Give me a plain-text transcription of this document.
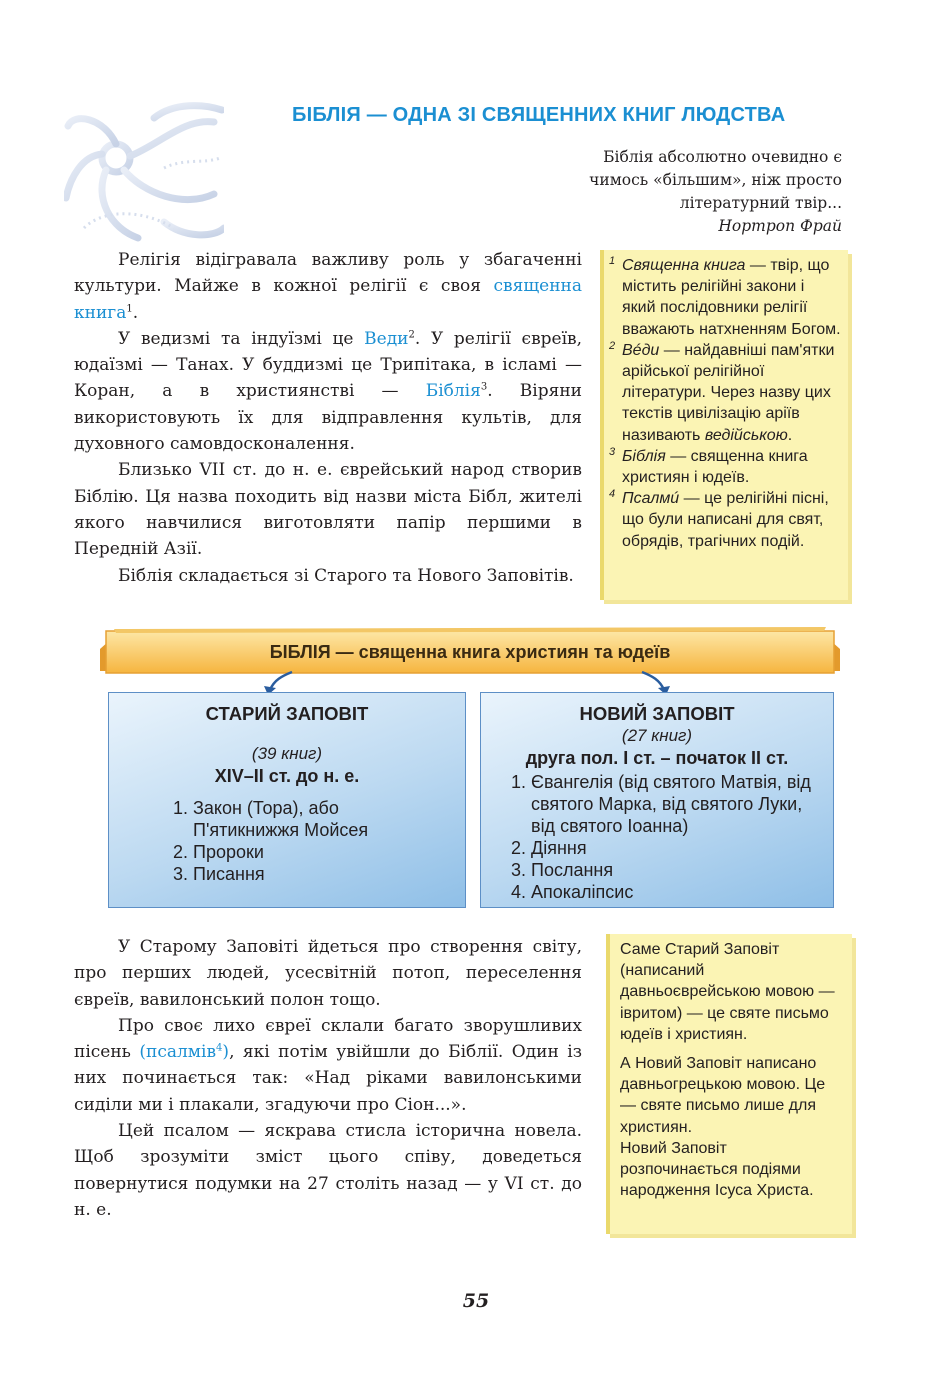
БІБЛІЯ — ОДНА ЗІ СВЯЩЕННИХ КНИГ ЛЮДСТВА
Біблія абсолютно очевидно є
чимось «більшим», ніж просто
літературний твір...
Нортроп Фрай

Релігія відігравала важливу роль у збагаченні культури. Майже в кожної релігії є своя священна книга$^1$.

У ведизмі та індуїзмі це Веди$^2$. У релігії євреїв, юдаїзмі — Танах. У буддизмі це Трипітака, в ісламі — Коран, а в християнстві — Біблія$^3$. Віряни використовують їх для відправлення культів, для духовного самовдосконалення.

Близько VII ст. до н. е. єврейський народ створив Біблію. Ця назва походить від назви міста Бібл, жителі якого навчилися виготовляти папір першими в Передній Азії.

Біблія складається зі Старого та Нового Заповітів.

1 Священна книга — твір, що містить релігійні закони і який послідовники релігії вважають натхненням Богом.
2 Вéди — найдавніші пам'ятки арійської релігійної літератури. Через назву цих текстів цивілізацію аріїв називають ведійською.
3 Біблія — священна книга християн і юдеїв.
4 Псалмú — це релігійні пісні, що були написані для свят, обрядів, трагічних подій.
БІБЛІЯ — священна книга християн та юдеїв
СТАРИЙ ЗАПОВІТ
(39 книг)
XIV–II ст. до н. е.
1. Закон (Тора), або П'ятикнижжя Мойсея
2. Пророки
3. Писання
НОВИЙ ЗАПОВІТ
(27 книг)
друга пол. I ст. – початок II ст.
1. Євангелія (від святого Матвія, від святого Марка, від святого Луки, від святого Іоанна)
2. Діяння
3. Послання
4. Апокаліпсис

У Старому Заповіті йдеться про створення світу, про перших людей, усесвітній потоп, переселення євреїв, вавилонський полон тощо.

Про своє лихо євреї склали багато зворушливих пісень (псалмів$^4$), які потім увійшли до Біблії. Один із них починається так: «Над ріками вавилонськими сиділи ми і плакали, згадуючи про Сіон...».

Цей псалом — яскрава стисла історична новела. Щоб зрозуміти зміст цього співу, доведеться повернутися подумки на 27 століть назад — у VI ст. до н. е.

Саме Старий Заповіт (написаний давньоєврейською мовою — івритом) — це святе письмо юдеїв і християн.
А Новий Заповіт написано давньогрецькою мовою. Це — святе письмо лише для християн.
Новий Заповіт розпочинається подіями народження Ісуса Христа.
55
